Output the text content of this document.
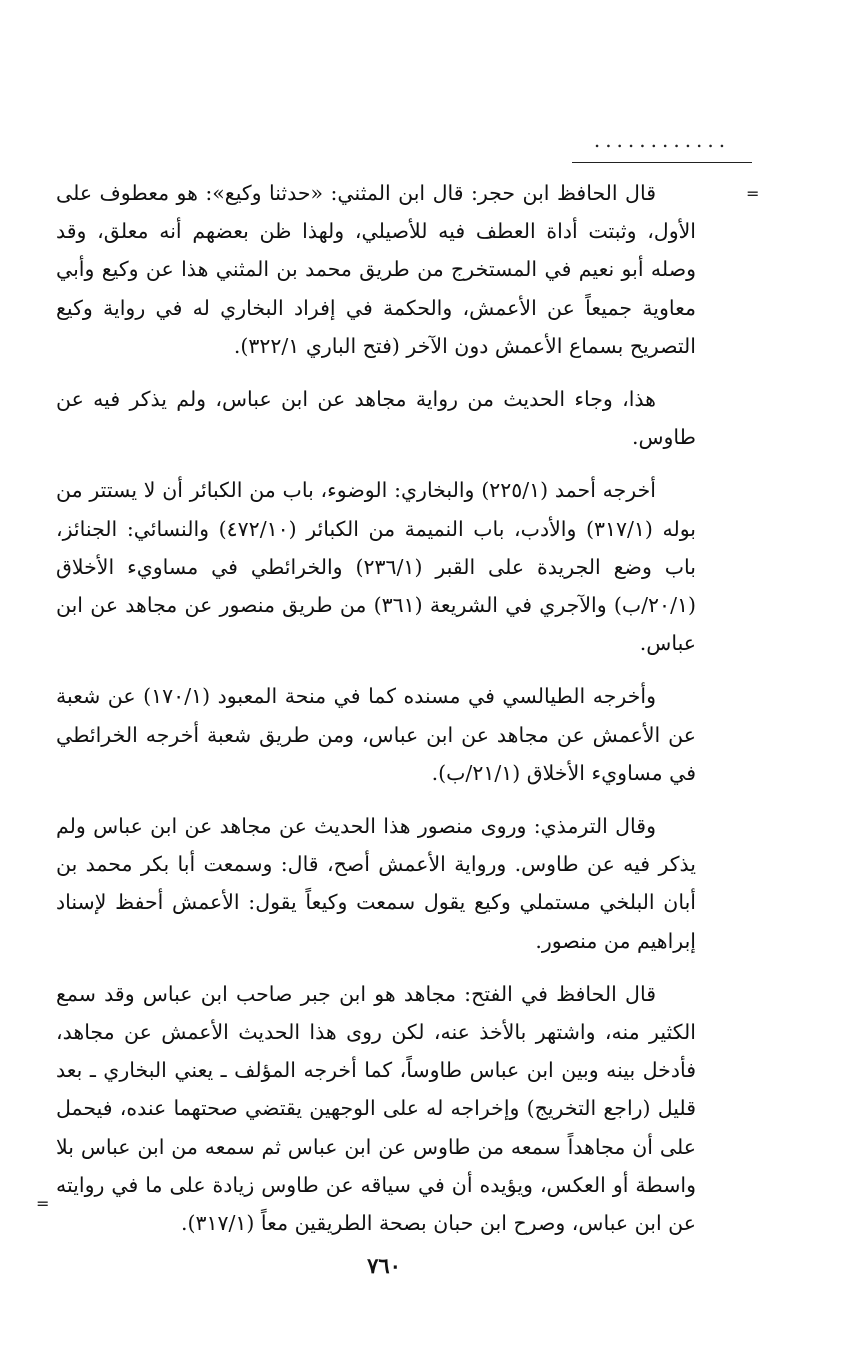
............
=

قال الحافظ ابن حجر: قال ابن المثني: «حدثنا وكيع»: هو معطوف على الأول، وثبتت أداة العطف فيه للأصيلي، ولهذا ظن بعضهم أنه معلق، وقد وصله أبو نعيم في المستخرج من طريق محمد بن المثني هذا عن وكيع وأبي معاوية جميعاً عن الأعمش، والحكمة في إفراد البخاري له في رواية وكيع التصريح بسماع الأعمش دون الآخر (فتح الباري ٣٢٢/١).

هذا، وجاء الحديث من رواية مجاهد عن ابن عباس، ولم يذكر فيه عن طاوس.

أخرجه أحمد (٢٢٥/١) والبخاري: الوضوء، باب من الكبائر أن لا يستتر من بوله (٣١٧/١) والأدب، باب النميمة من الكبائر (٤٧٢/١٠) والنسائي: الجنائز، باب وضع الجريدة على القبر (٢٣٦/١) والخرائطي في مساويء الأخلاق (٢٠/١/ب) والآجري في الشريعة (٣٦١) من طريق منصور عن مجاهد عن ابن عباس.

وأخرجه الطيالسي في مسنده كما في منحة المعبود (١٧٠/١) عن شعبة عن الأعمش عن مجاهد عن ابن عباس، ومن طريق شعبة أخرجه الخرائطي في مساويء الأخلاق (٢١/١/ب).

وقال الترمذي: وروى منصور هذا الحديث عن مجاهد عن ابن عباس ولم يذكر فيه عن طاوس. ورواية الأعمش أصح، قال: وسمعت أبا بكر محمد بن أبان البلخي مستملي وكيع يقول سمعت وكيعاً يقول: الأعمش أحفظ لإسناد إبراهيم من منصور.

قال الحافظ في الفتح: مجاهد هو ابن جبر صاحب ابن عباس وقد سمع الكثير منه، واشتهر بالأخذ عنه، لكن روى هذا الحديث الأعمش عن مجاهد، فأدخل بينه وبين ابن عباس طاوساً، كما أخرجه المؤلف ـ يعني البخاري ـ بعد قليل (راجع التخريج) وإخراجه له على الوجهين يقتضي صحتهما عنده، فيحمل على أن مجاهداً سمعه من طاوس عن ابن عباس ثم سمعه من ابن عباس بلا واسطة أو العكس، ويؤيده أن في سياقه عن طاوس زيادة على ما في روايته عن ابن عباس، وصرح ابن حبان بصحة الطريقين معاً (٣١٧/١).

=
٧٦٠
